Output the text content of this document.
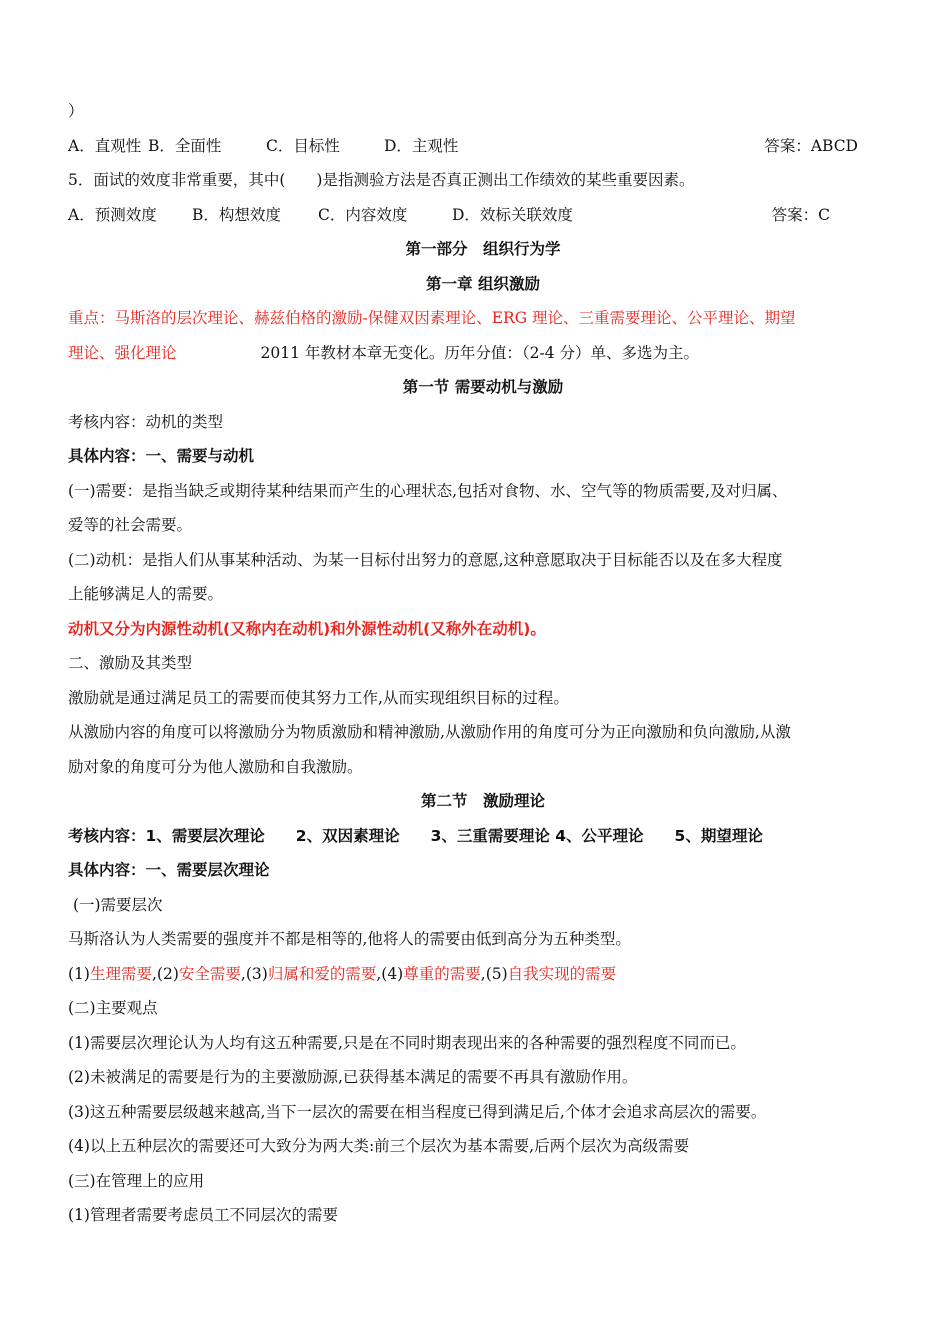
）
A．直观性 B．全面性	C．目标性	D．主观性	答案：ABCD
5．面试的效度非常重要，其中(　　)是指测验方法是否真正测出工作绩效的某些重要因素。
A．预测效度 B．构想效度 C．内容效度	D．效标关联效度	答案：C
第一部分　组织行为学
第一章 组织激励
重点：马斯洛的层次理论、赫兹伯格的激励-保健双因素理论、ERG 理论、三重需要理论、公平理论、期望
理论、强化理论	2011 年教材本章无变化。历年分值：（2-4 分）单、多选为主。
第一节 需要动机与激励
考核内容：动机的类型
具体内容：一、需要与动机
(一)需要：是指当缺乏或期待某种结果而产生的心理状态,包括对食物、水、空气等的物质需要,及对归属、
爱等的社会需要。
(二)动机：是指人们从事某种活动、为某一目标付出努力的意愿,这种意愿取决于目标能否以及在多大程度
上能够满足人的需要。
动机又分为内源性动机(又称内在动机)和外源性动机(又称外在动机)。
二、激励及其类型
激励就是通过满足员工的需要而使其努力工作,从而实现组织目标的过程。
从激励内容的角度可以将激励分为物质激励和精神激励,从激励作用的角度可分为正向激励和负向激励,从激
励对象的角度可分为他人激励和自我激励。
第二节　激励理论
考核内容：1、需要层次理论　　2、双因素理论　　3、三重需要理论 4、公平理论　　5、期望理论
具体内容：一、需要层次理论
(一)需要层次
马斯洛认为人类需要的强度并不都是相等的,他将人的需要由低到高分为五种类型。
(1)生理需要,(2)安全需要,(3)归属和爱的需要,(4)尊重的需要,(5)自我实现的需要
(二)主要观点
(1)需要层次理论认为人均有这五种需要,只是在不同时期表现出来的各种需要的强烈程度不同而已。
(2)未被满足的需要是行为的主要激励源,已获得基本满足的需要不再具有激励作用。
(3)这五种需要层级越来越高,当下一层次的需要在相当程度已得到满足后,个体才会追求高层次的需要。
(4)以上五种层次的需要还可大致分为两大类:前三个层次为基本需要,后两个层次为高级需要
(三)在管理上的应用
(1)管理者需要考虑员工不同层次的需要
